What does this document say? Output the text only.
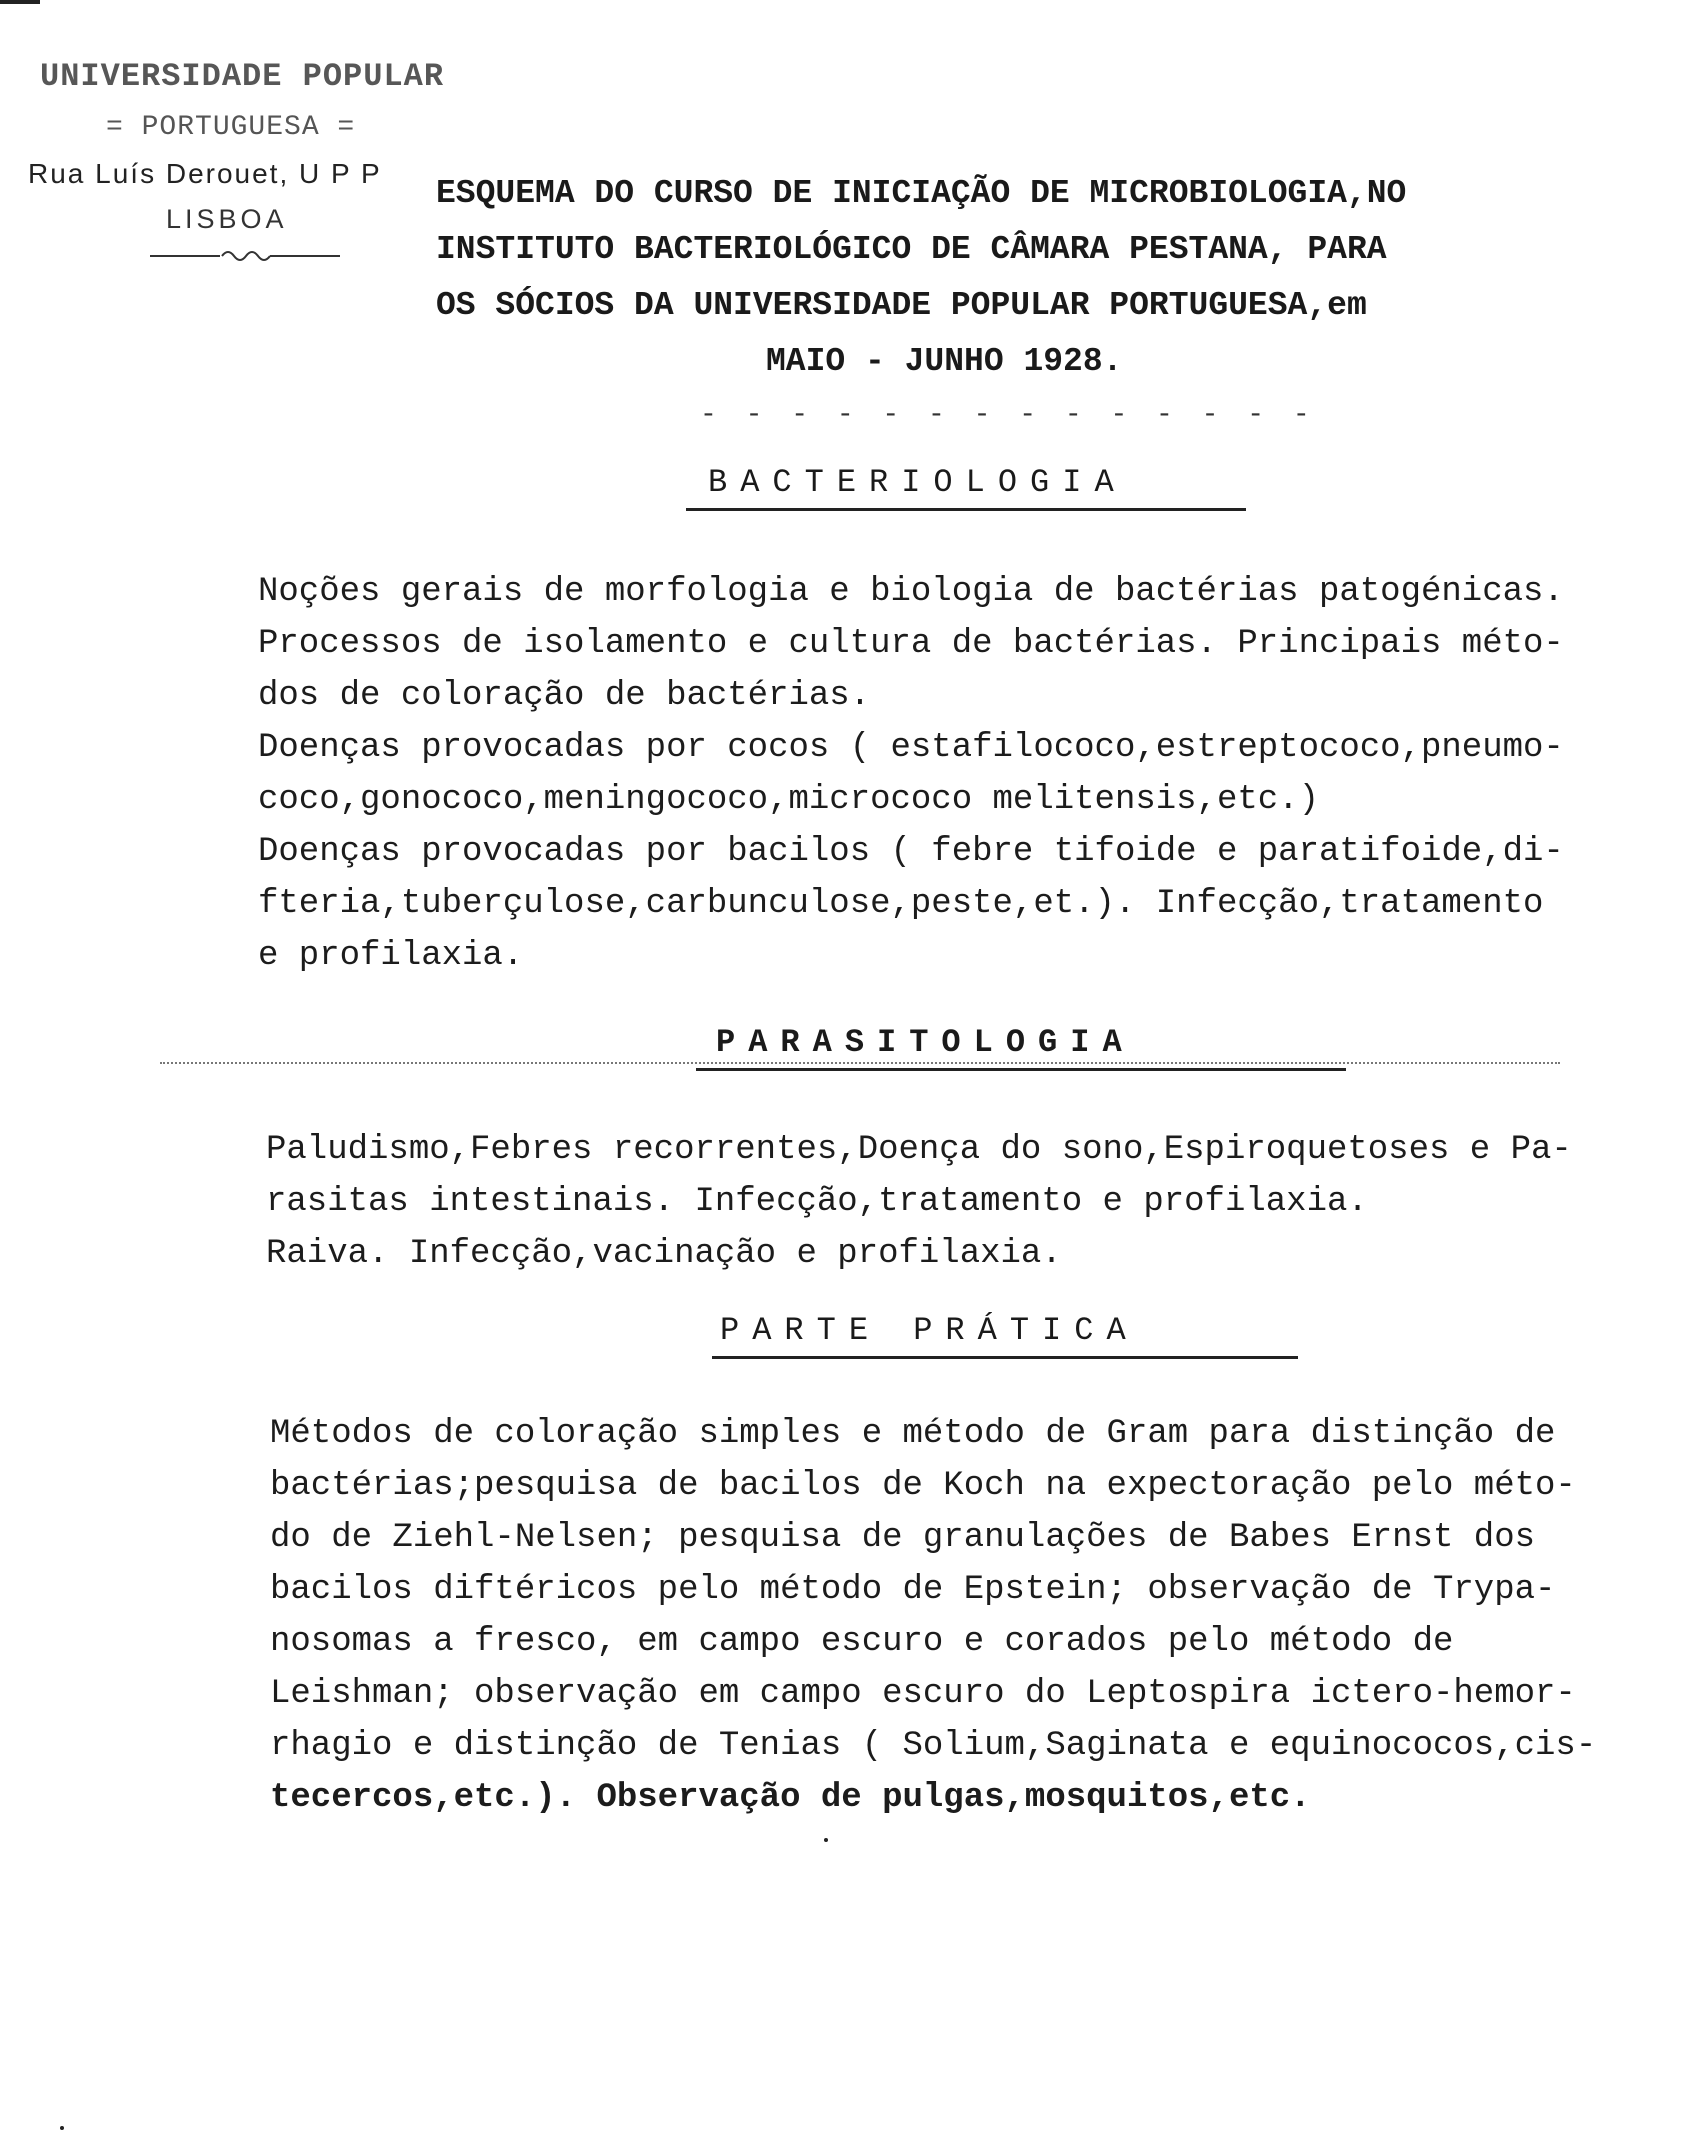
UNIVERSIDADE POPULAR
= PORTUGUESA =
Rua Luís Derouet, U P P
LISBOA
ESQUEMA DO CURSO DE INICIAÇÃO DE MICROBIOLOGIA,NO
INSTITUTO BACTERIOLÓGICO DE CÂMARA PESTANA, PARA
OS SÓCIOS DA UNIVERSIDADE POPULAR PORTUGUESA,em
MAIO - JUNHO 1928.
- - - - - - - - - - - - - -
BACTERIOLOGIA
Noções gerais de morfologia e biologia de bactérias patogénicas.
Processos de isolamento e cultura de bactérias. Principais méto-
dos de coloração de bactérias.
Doenças provocadas por cocos ( estafilococo,estreptococo,pneumo-
coco,gonococo,meningococo,micrococo melitensis,etc.)
Doenças provocadas por bacilos ( febre tifoide e paratifoide,di-
fteria,tuberçulose,carbunculose,peste,et.). Infecção,tratamento
e profilaxia.
PARASITOLOGIA
Paludismo,Febres recorrentes,Doença do sono,Espiroquetoses e Pa-
rasitas intestinais. Infecção,tratamento e profilaxia.
Raiva. Infecção,vacinação e profilaxia.
PARTE PRÁTICA
Métodos de coloração simples e método de Gram para distinção de
bactérias;pesquisa de bacilos de Koch na expectoração pelo méto-
do de Ziehl-Nelsen; pesquisa de granulações de Babes Ernst dos
bacilos diftéricos pelo método de Epstein; observação de Trypa-
nosomas a fresco, em campo escuro e corados pelo método de
Leishman; observação em campo escuro do Leptospira ictero-hemor-
rhagio e distinção de Tenias ( Solium,Saginata e equinococos,cis-
tecercos,etc.). Observação de pulgas,mosquitos,etc.
